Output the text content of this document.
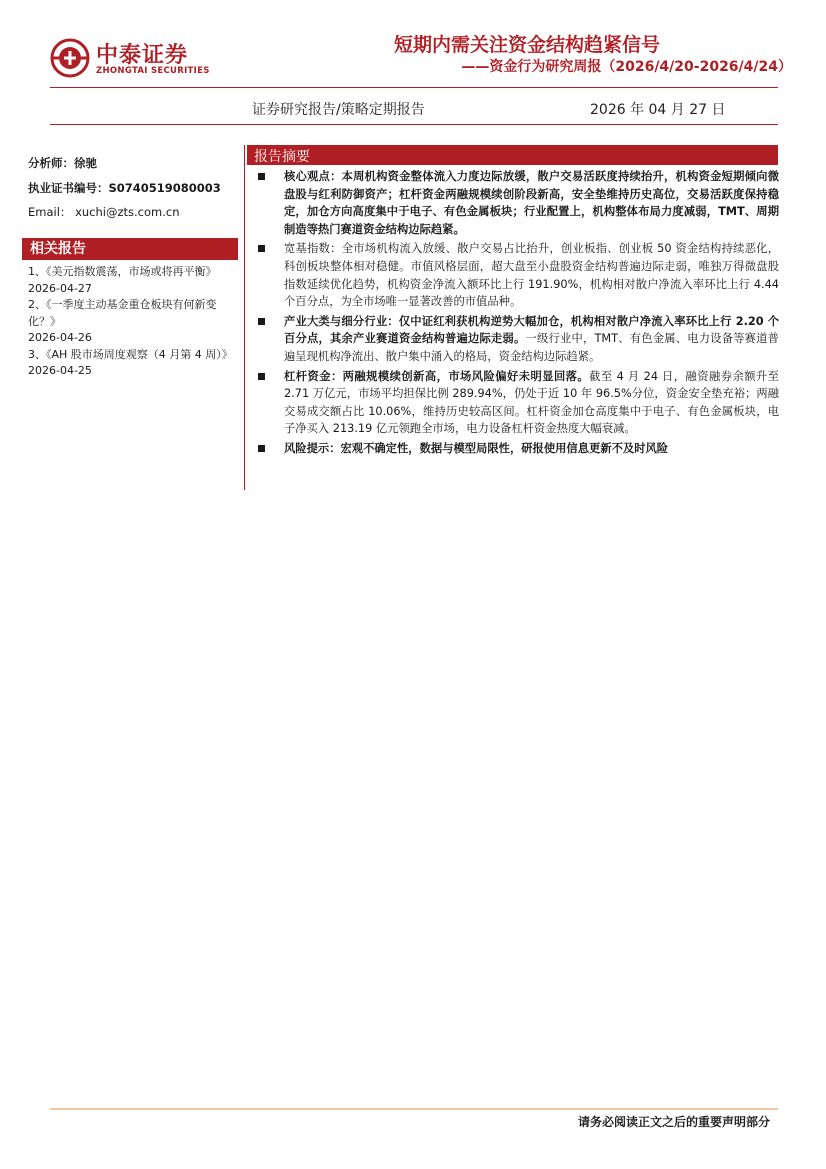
中泰证券
ZHONGTAI SECURITIES
短期内需关注资金结构趋紧信号
——资金行为研究周报（2026/4/20-2026/4/24）
证券研究报告/策略定期报告	2026 年 04 月 27 日
分析师：徐驰
执业证书编号：S0740519080003
Email： xuchi@zts.com.cn
相关报告
1、《美元指数震荡，市场或将再平衡》
2026-04-27
2、《一季度主动基金重仓板块有何新变化？》
2026-04-26
3、《AH 股市场周度观察（4 月第 4 周）》
2026-04-25
报告摘要
核心观点：本周机构资金整体流入力度边际放缓，散户交易活跃度持续抬升，机构资金短期倾向微盘股与红利防御资产；杠杆资金两融规模续创阶段新高，安全垫维持历史高位，交易活跃度保持稳定，加仓方向高度集中于电子、有色金属板块；行业配置上，机构整体布局力度减弱，TMT、周期制造等热门赛道资金结构边际趋紧。
宽基指数：全市场机构流入放缓、散户交易占比抬升，创业板指、创业板 50 资金结构持续恶化，科创板块整体相对稳健。市值风格层面，超大盘至小盘股资金结构普遍边际走弱，唯独万得微盘股指数延续优化趋势，机构资金净流入额环比上行 191.90%，机构相对散户净流入率环比上行 4.44 个百分点，为全市场唯一显著改善的市值品种。
产业大类与细分行业：仅中证红利获机构逆势大幅加仓，机构相对散户净流入率环比上行 2.20 个百分点，其余产业赛道资金结构普遍边际走弱。一级行业中，TMT、有色金属、电力设备等赛道普遍呈现机构净流出、散户集中涌入的格局，资金结构边际趋紧。
杠杆资金：两融规模续创新高，市场风险偏好未明显回落。截至 4 月 24 日，融资融券余额升至 2.71 万亿元，市场平均担保比例 289.94%，仍处于近 10 年 96.5%分位，资金安全垫充裕；两融交易成交额占比 10.06%，维持历史较高区间。杠杆资金加仓高度集中于电子、有色金属板块，电子净买入 213.19 亿元领跑全市场，电力设备杠杆资金热度大幅衰减。
风险提示：宏观不确定性，数据与模型局限性，研报使用信息更新不及时风险
请务必阅读正文之后的重要声明部分
